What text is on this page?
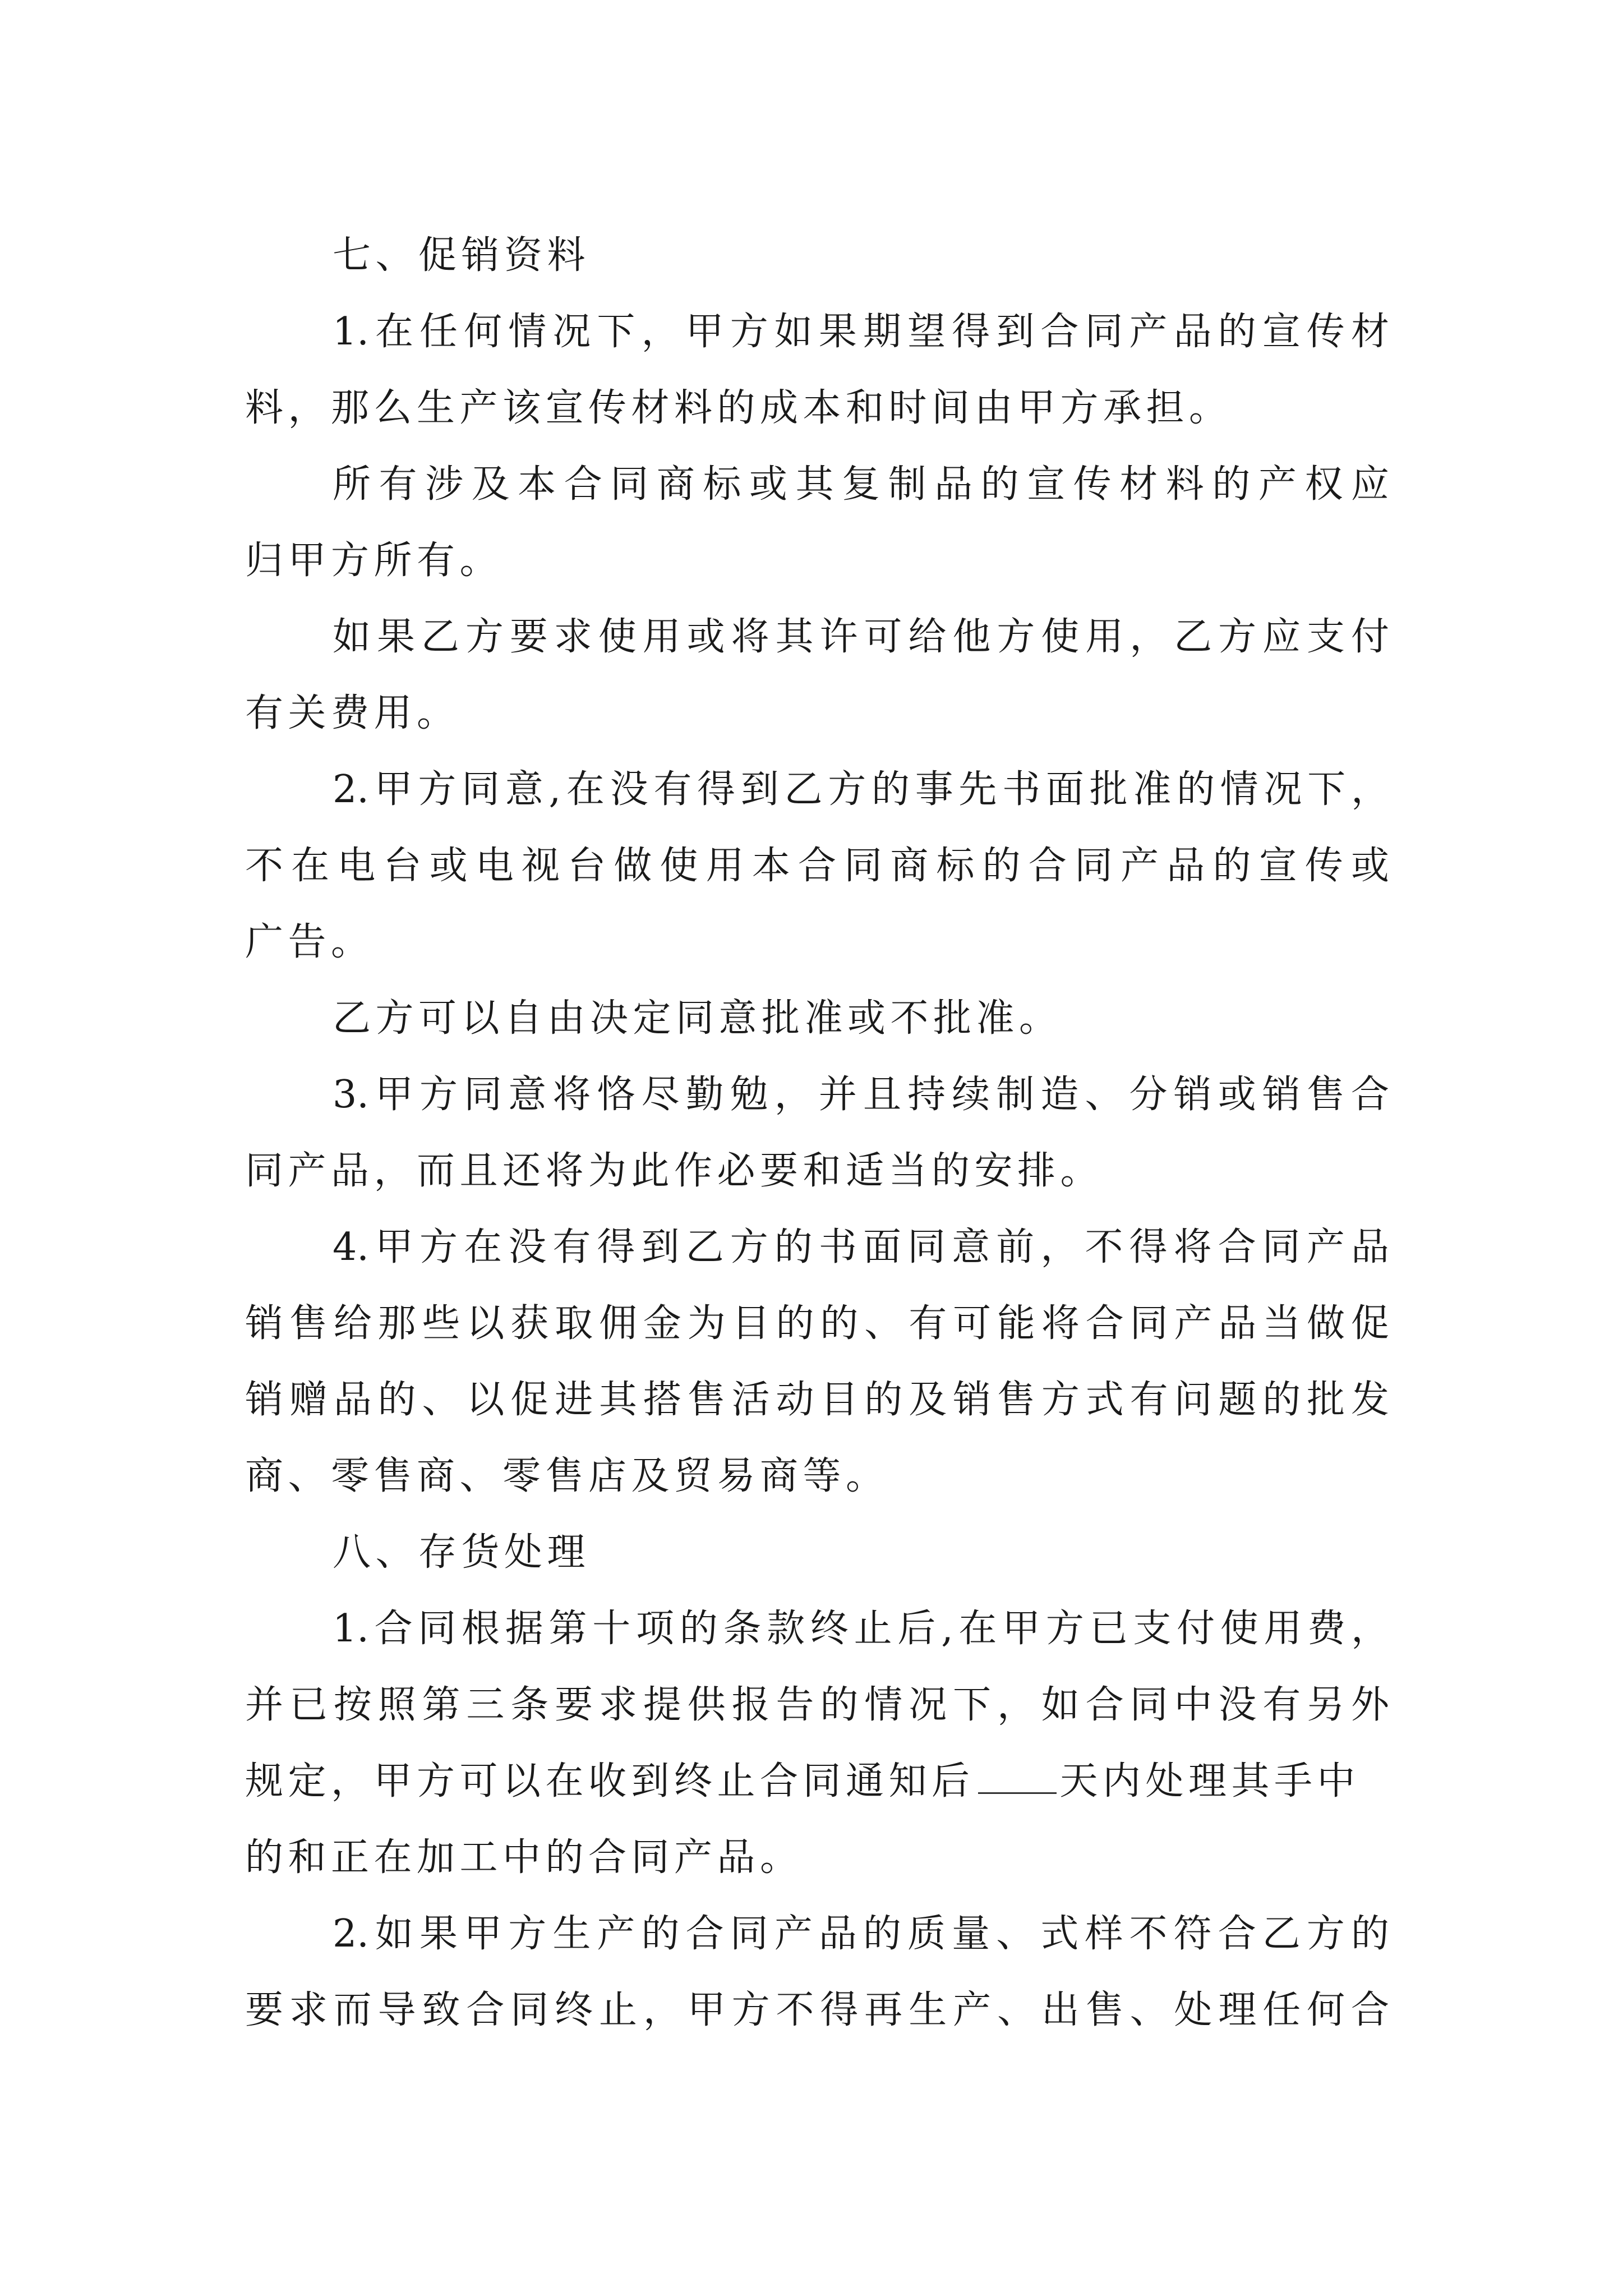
七、促销资料
1.在任何情况下，甲方如果期望得到合同产品的宣传材
料，那么生产该宣传材料的成本和时间由甲方承担。
所有涉及本合同商标或其复制品的宣传材料的产权应
归甲方所有。
如果乙方要求使用或将其许可给他方使用，乙方应支付
有关费用。
2.甲方同意,在没有得到乙方的事先书面批准的情况下，
不在电台或电视台做使用本合同商标的合同产品的宣传或
广告。
乙方可以自由决定同意批准或不批准。
3.甲方同意将恪尽勤勉，并且持续制造、分销或销售合
同产品，而且还将为此作必要和适当的安排。
4.甲方在没有得到乙方的书面同意前，不得将合同产品
销售给那些以获取佣金为目的的、有可能将合同产品当做促
销赠品的、以促进其搭售活动目的及销售方式有问题的批发
商、零售商、零售店及贸易商等。
八、存货处理
1.合同根据第十项的条款终止后,在甲方已支付使用费，
并已按照第三条要求提供报告的情况下，如合同中没有另外
规定，甲方可以在收到终止合同通知后 天内处理其手中
的和正在加工中的合同产品。
2.如果甲方生产的合同产品的质量、式样不符合乙方的
要求而导致合同终止，甲方不得再生产、出售、处理任何合
